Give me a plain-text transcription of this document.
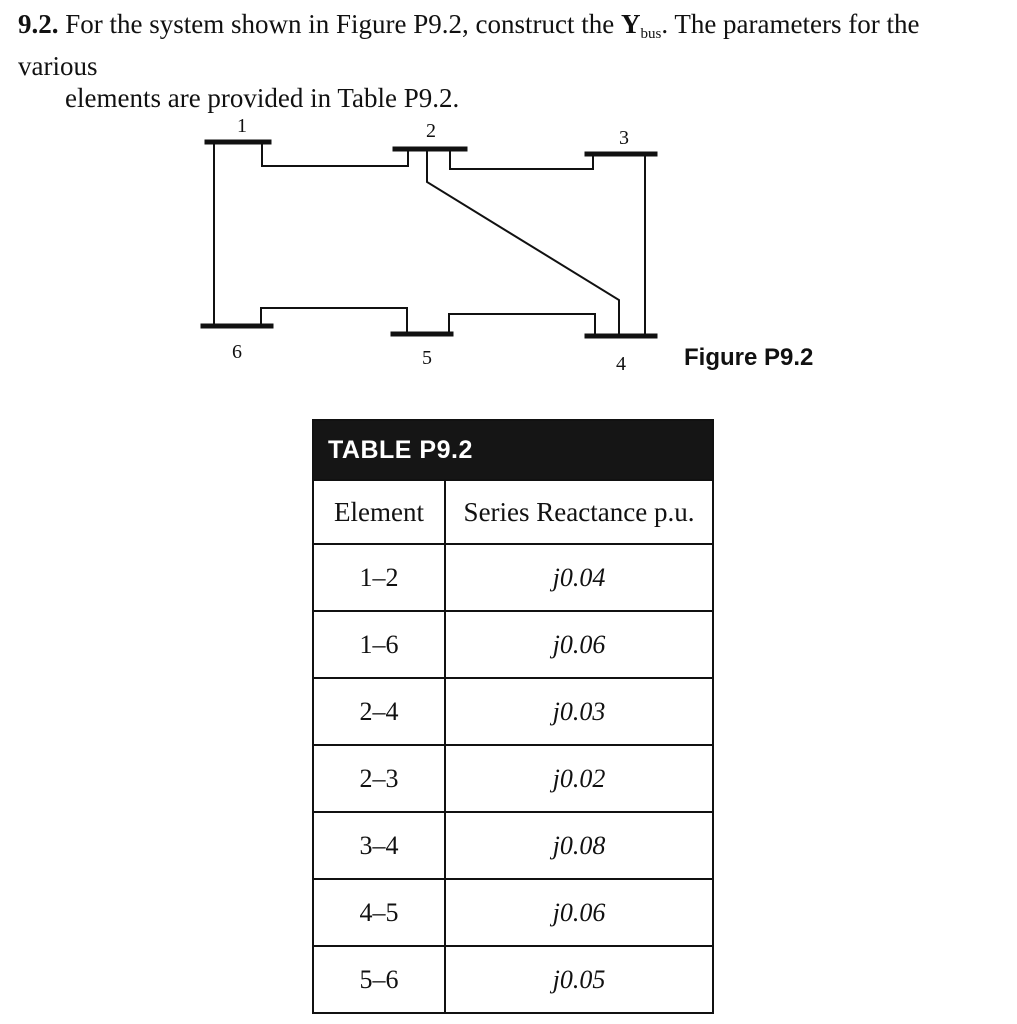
9.2. For the system shown in Figure P9.2, construct the $Y_{bus}$. The parameters for the various
elements are provided in Table P9.2.
1	2	3
4
5
6	Figure P9.2
TABLE P9.2	
Element	Series Reactance p.u.
1–2	j0.04
1–6	j0.06
2–4	j0.03
2–3	j0.02
3–4	j0.08
4–5	j0.06
5–6	j0.05
